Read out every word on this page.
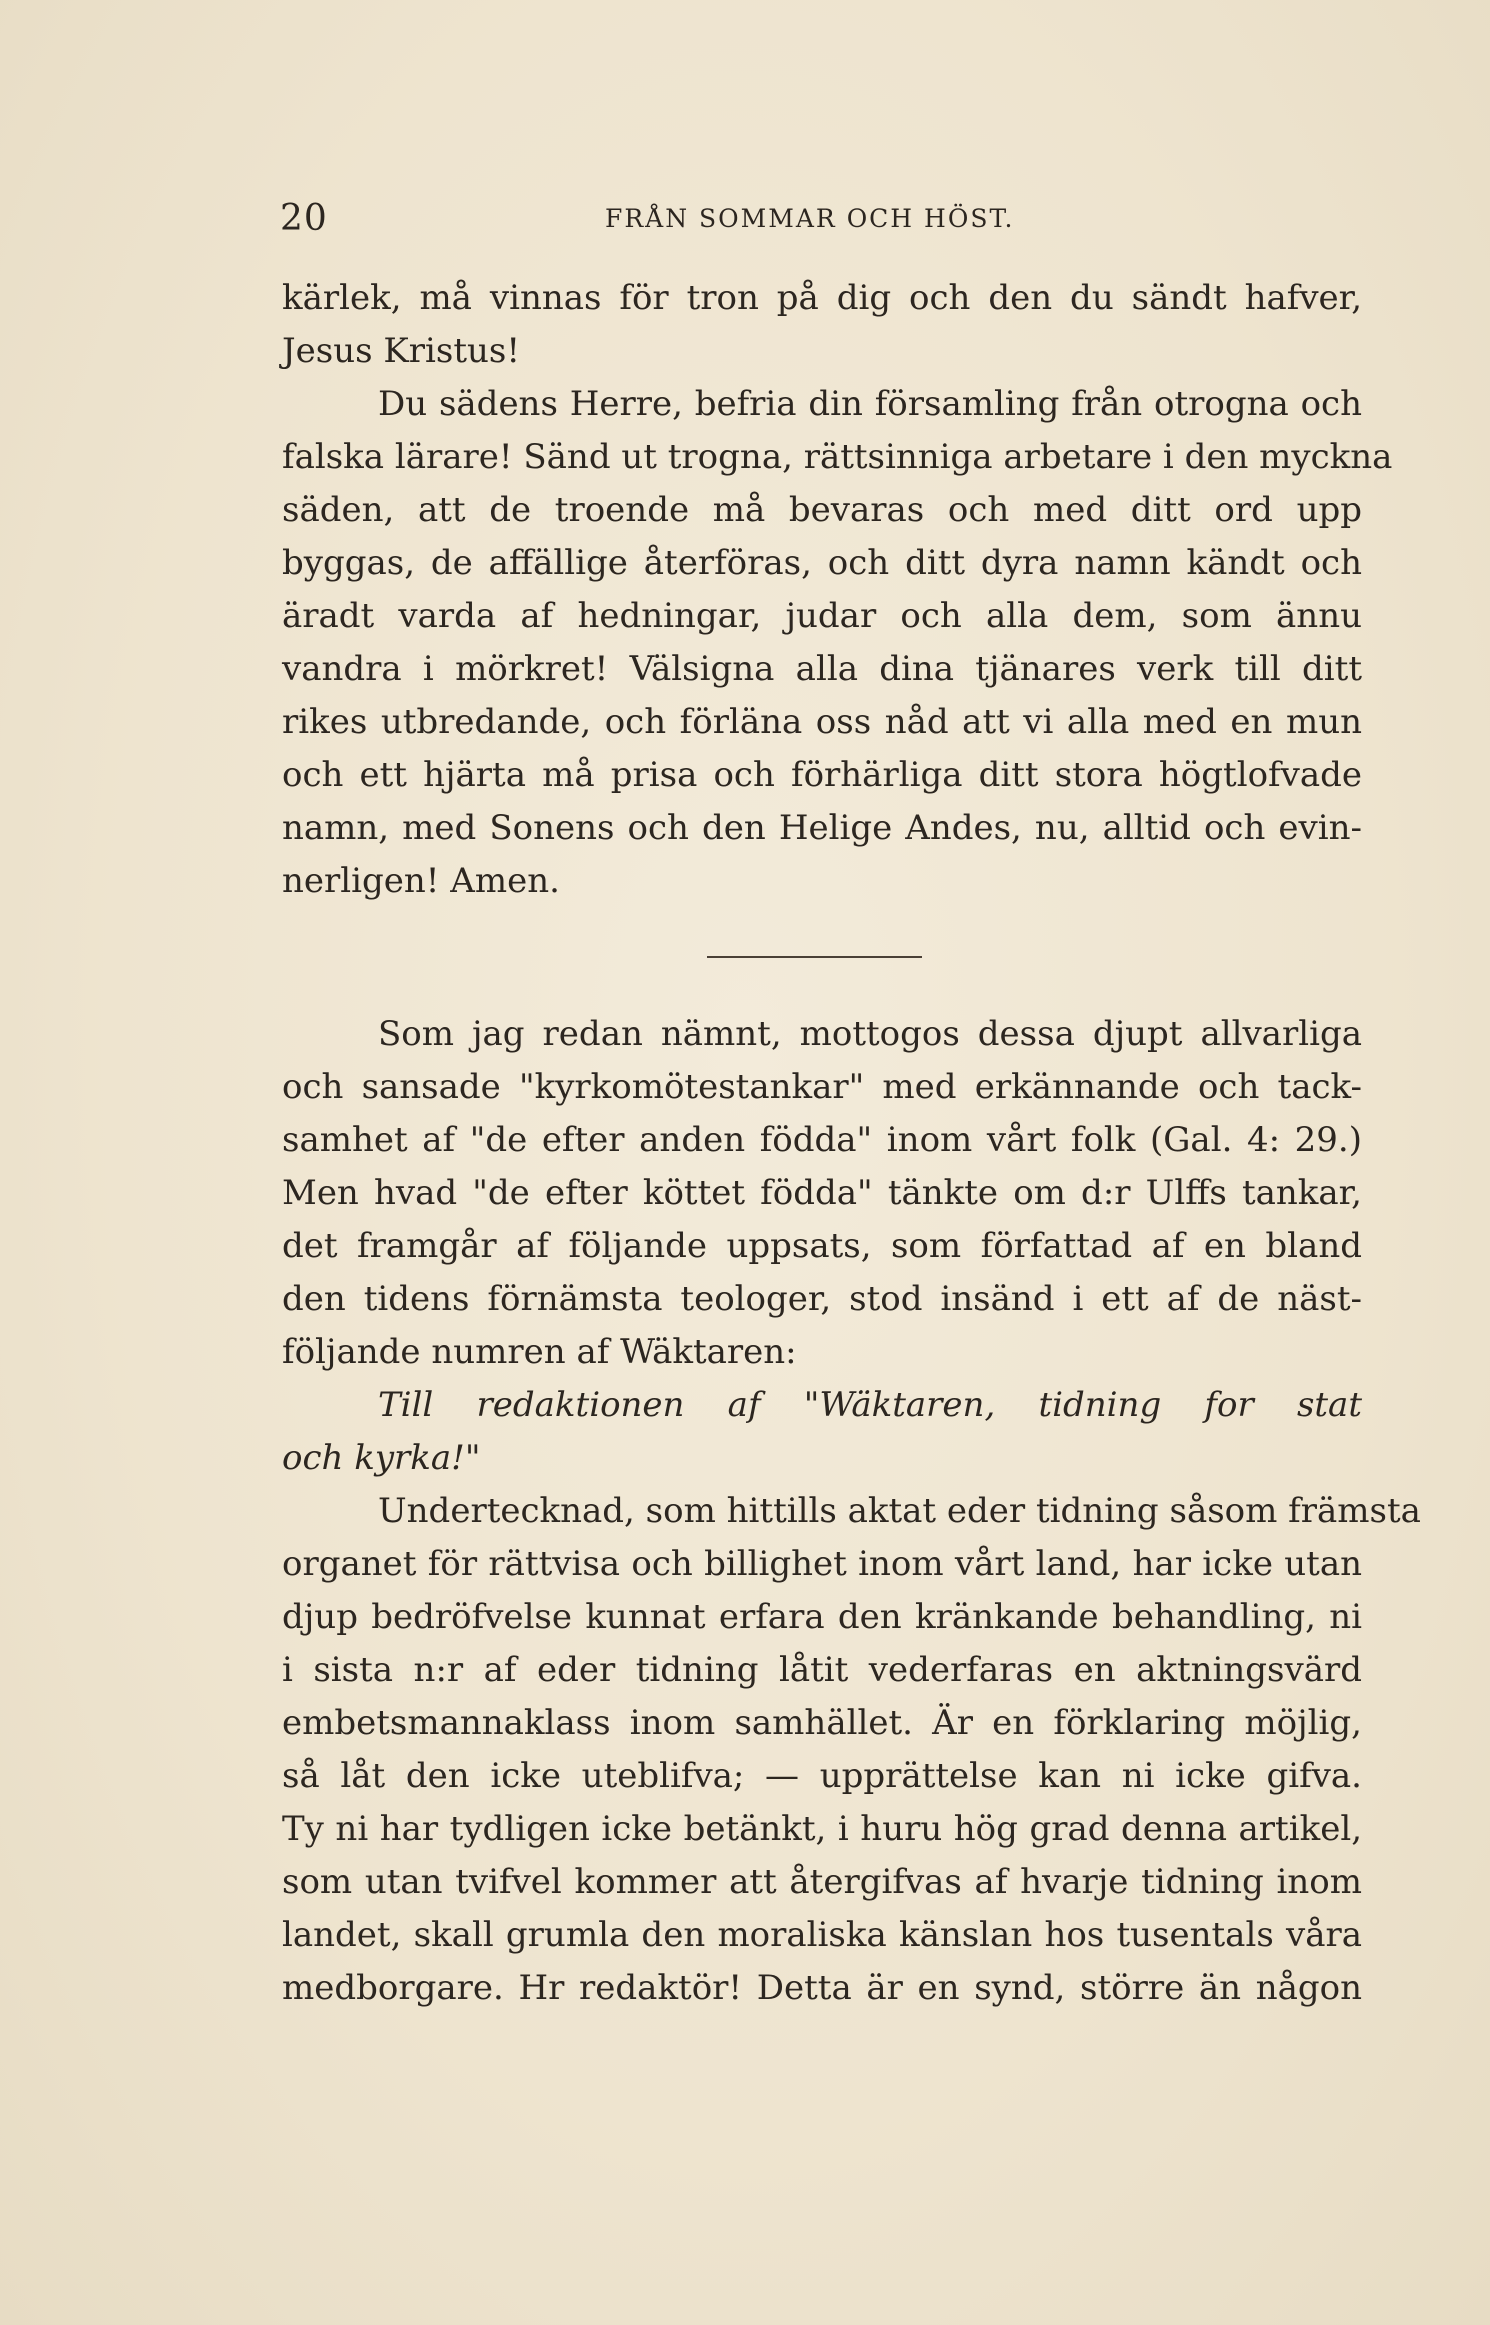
20	FRÅN SOMMAR OCH HÖST.
kärlek, må vinnas för tron på dig och den du sändt hafver,
Jesus Kristus!
Du sädens Herre, befria din församling från otrogna och
falska lärare! Sänd ut trogna, rättsinniga arbetare i den myckna
säden, att de troende må bevaras och med ditt ord upp
byggas, de affällige återföras, och ditt dyra namn kändt och
äradt varda af hedningar, judar och alla dem, som ännu
vandra i mörkret! Välsigna alla dina tjänares verk till ditt
rikes utbredande, och förläna oss nåd att vi alla med en mun
och ett hjärta må prisa och förhärliga ditt stora högtlofvade
namn, med Sonens och den Helige Andes, nu, alltid och evin-
nerligen! Amen.
Som jag redan nämnt, mottogos dessa djupt allvarliga
och sansade "kyrkomötestankar" med erkännande och tack-
samhet af "de efter anden födda" inom vårt folk (Gal. 4: 29.)
Men hvad "de efter köttet födda" tänkte om d:r Ulffs tankar,
det framgår af följande uppsats, som författad af en bland
den tidens förnämsta teologer, stod insänd i ett af de näst-
följande numren af Wäktaren:
Till redaktionen af "Wäktaren, tidning for stat
och kyrka!"
Undertecknad, som hittills aktat eder tidning såsom främsta
organet för rättvisa och billighet inom vårt land, har icke utan
djup bedröfvelse kunnat erfara den kränkande behandling, ni
i sista n:r af eder tidning låtit vederfaras en aktningsvärd
embetsmannaklass inom samhället. Är en förklaring möjlig,
så låt den icke uteblifva; — upprättelse kan ni icke gifva.
Ty ni har tydligen icke betänkt, i huru hög grad denna artikel,
som utan tvifvel kommer att återgifvas af hvarje tidning inom
landet, skall grumla den moraliska känslan hos tusentals våra
medborgare. Hr redaktör! Detta är en synd, större än någon
